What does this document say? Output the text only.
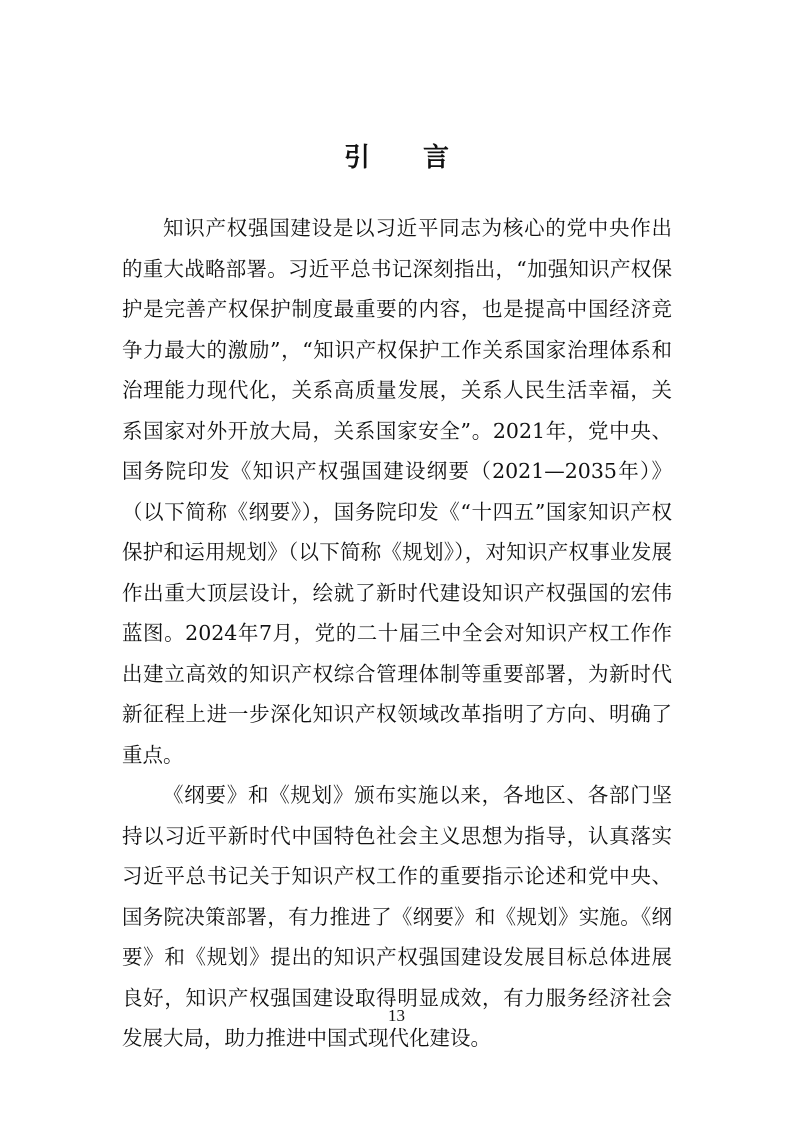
引 言

知识产权强国建设是以习近平同志为核心的党中央作出的重大战略部署。习近平总书记深刻指出，“加强知识产权保护是完善产权保护制度最重要的内容，也是提高中国经济竞争力最大的激励”，“知识产权保护工作关系国家治理体系和治理能力现代化，关系高质量发展，关系人民生活幸福，关系国家对外开放大局，关系国家安全”。2021年，党中央、国务院印发《知识产权强国建设纲要（2021—2035年）》（以下简称《纲要》），国务院印发《“十四五”国家知识产权保护和运用规划》（以下简称《规划》），对知识产权事业发展作出重大顶层设计，绘就了新时代建设知识产权强国的宏伟蓝图。2024年7月，党的二十届三中全会对知识产权工作作出建立高效的知识产权综合管理体制等重要部署，为新时代新征程上进一步深化知识产权领域改革指明了方向、明确了重点。

《纲要》和《规划》颁布实施以来，各地区、各部门坚持以习近平新时代中国特色社会主义思想为指导，认真落实习近平总书记关于知识产权工作的重要指示论述和党中央、国务院决策部署，有力推进了《纲要》和《规划》实施。《纲要》和《规划》提出的知识产权强国建设发展目标总体进展良好，知识产权强国建设取得明显成效，有力服务经济社会发展大局，助力推进中国式现代化建设。

13
